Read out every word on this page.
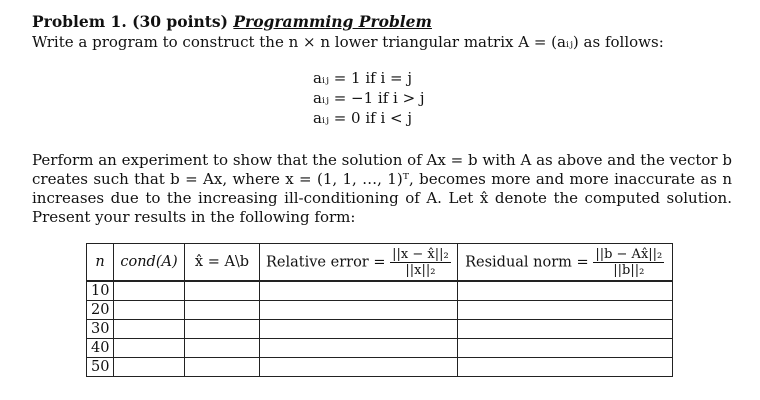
Problem 1. (30 points) Programming Problem
Write a program to construct the n × n lower triangular matrix A = (aᵢⱼ) as follows:
aᵢⱼ = 1 if i = j
aᵢⱼ = −1 if i > j
aᵢⱼ = 0 if i < j
Perform an experiment to show that the solution of Ax = b with A as above and the vector b creates such that b = Ax, where x = (1, 1, …, 1)ᵀ, becomes more and more inaccurate as n increases due to the increasing ill-conditioning of A. Let x̂ denote the computed solution. Present your results in the following form:
n	cond(A)	x̂ = A\b	Relative error = $\frac{\text{||x − x̂||₂}}{\text{||x||₂}}$	Residual norm = $\frac{\text{||b − Ax̂||₂}}{\text{||b||₂}}$

10				
20				
30				
40				
50				
